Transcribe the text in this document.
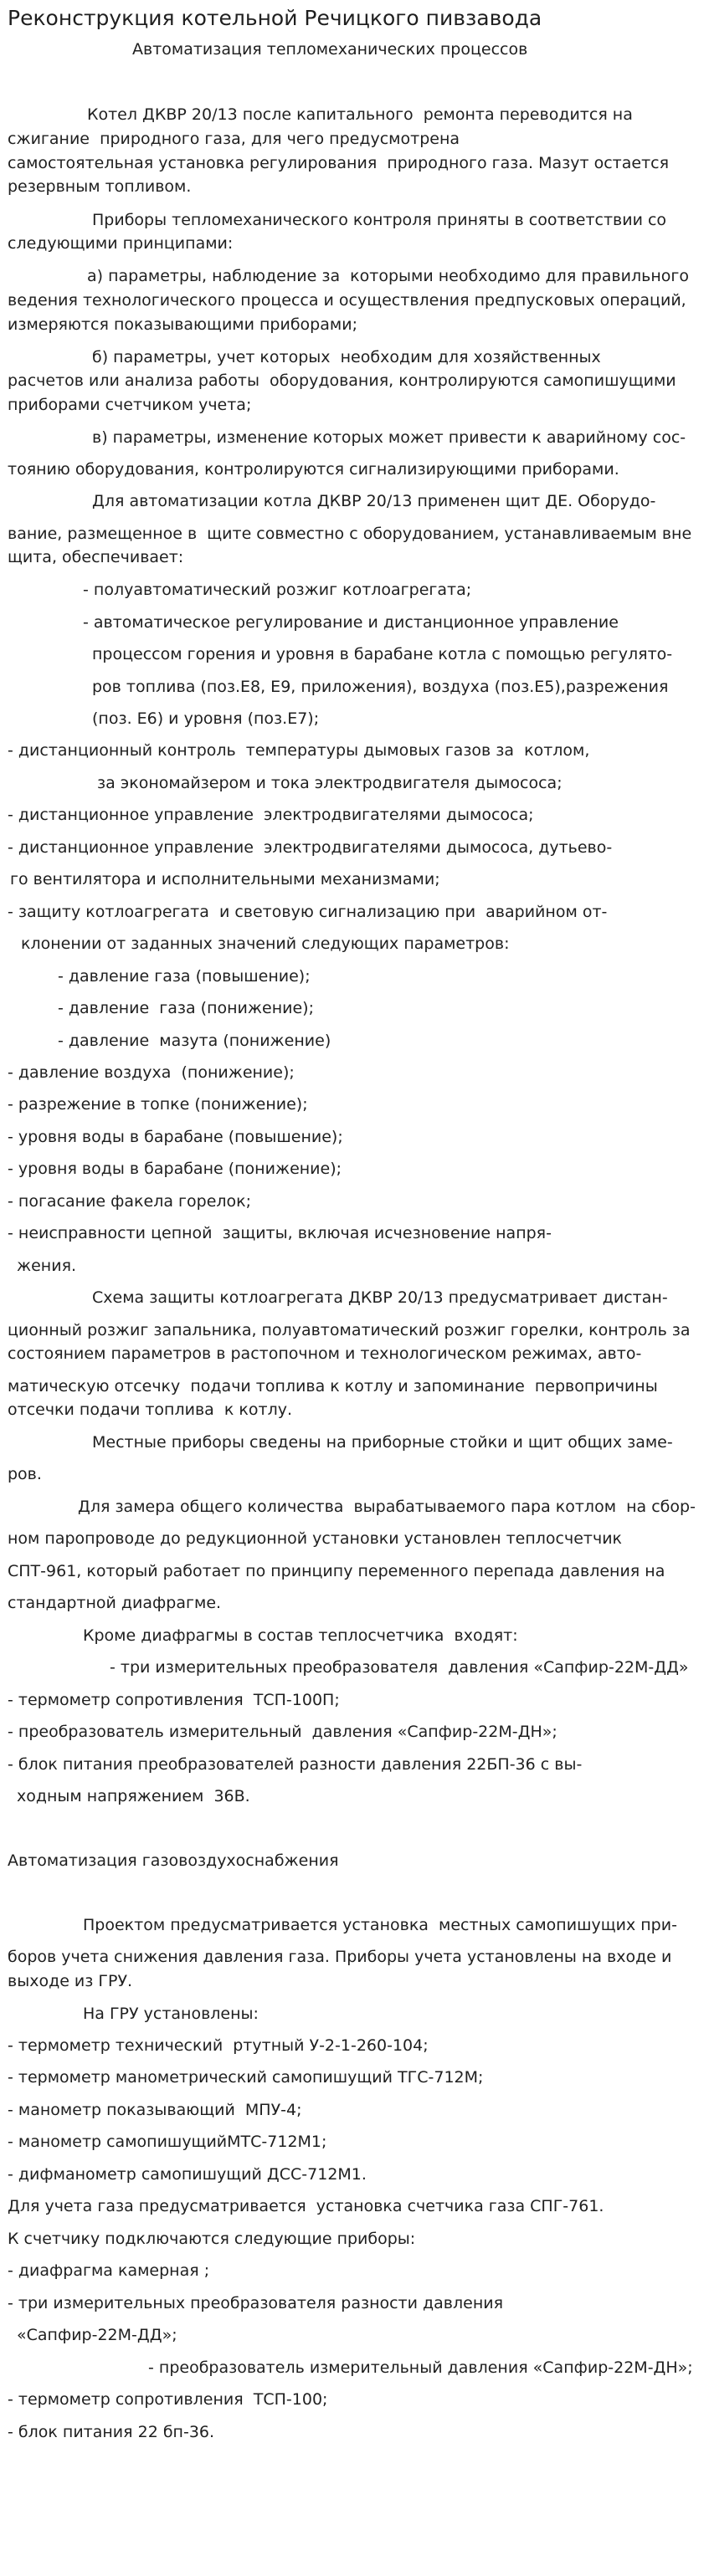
Реконструкция котельной Речицкого пивзавода
Автоматизация тепломеханических процессов
Котел ДКВР 20/13 после капитального  ремонта переводится на
сжигание  природного газа, для чего предусмотрена
самостоятельная установка регулирования  природного газа. Мазут остается
резервным топливом.
Приборы тепломеханического контроля приняты в соответствии со
следующими принципами:
а) параметры, наблюдение за  которыми необходимо для правильного
ведения технологического процесса и осуществления предпусковых операций,
измеряются показывающими приборами;
б) параметры, учет которых  необходим для хозяйственных
расчетов или анализа работы  оборудования, контролируются самопишущими
приборами счетчиком учета;
в) параметры, изменение которых может привести к аварийному сос-
тоянию оборудования, контролируются сигнализирующими приборами.
Для автоматизации котла ДКВР 20/13 применен щит ДЕ. Оборудо-
вание, размещенное в  щите совместно с оборудованием, устанавливаемым вне
щита, обеспечивает:
- полуавтоматический розжиг котлоагрегата;
- автоматическое регулирование и дистанционное управление
процессом горения и уровня в барабане котла с помощью регулято-
ров топлива (поз.Е8, Е9, приложения), воздуха (поз.Е5),разрежения
(поз. Е6) и уровня (поз.Е7);
- дистанционный контроль  температуры дымовых газов за  котлом,
за экономайзером и тока электродвигателя дымососа;
- дистанционное управление  электродвигателями дымососа;
- дистанционное управление  электродвигателями дымососа, дутьево-
го вентилятора и исполнительными механизмами;
- защиту котлоагрегата  и световую сигнализацию при  аварийном от-
клонении от заданных значений следующих параметров:
- давление газа (повышение);
- давление  газа (понижение);
- давление  мазута (понижение)
- давление воздуха  (понижение);
- разрежение в топке (понижение);
- уровня воды в барабане (повышение);
- уровня воды в барабане (понижение);
- погасание факела горелок;
- неисправности цепной  защиты, включая исчезновение напря-
жения.
Схема защиты котлоагрегата ДКВР 20/13 предусматривает дистан-
ционный розжиг запальника, полуавтоматический розжиг горелки, контроль за
состоянием параметров в растопочном и технологическом режимах, авто-
матическую отсечку  подачи топлива к котлу и запоминание  первопричины
отсечки подачи топлива  к котлу.
Местные приборы сведены на приборные стойки и щит общих заме-
ров.
Для замера общего количества  вырабатываемого пара котлом  на сбор-
ном паропроводе до редукционной установки установлен теплосчетчик
СПТ-961, который работает по принципу переменного перепада давления на
стандартной диафрагме.
Кроме диафрагмы в состав теплосчетчика  входят:
- три измерительных преобразователя  давления «Сапфир-22М-ДД»
- термометр сопротивления  ТСП-100П;
- преобразователь измерительный  давления «Сапфир-22М-ДН»;
- блок питания преобразователей разности давления 22БП-36 с вы-
ходным напряжением  36В.
Автоматизация газовоздухоснабжения
Проектом предусматривается установка  местных самопишущих при-
боров учета снижения давления газа. Приборы учета установлены на входе и
выходе из ГРУ.
На ГРУ установлены:
- термометр технический  ртутный У-2-1-260-104;
- термометр манометрический самопишущий ТГС-712М;
- манометр показывающий  МПУ-4;
- манометр самопишущийМТС-712М1;
- дифманометр самопишущий ДСС-712М1.
Для учета газа предусматривается  установка счетчика газа СПГ-761.
К счетчику подключаются следующие приборы:
- диафрагма камерная ;
- три измерительных преобразователя разности давления
«Сапфир-22М-ДД»;
- преобразователь измерительный давления «Сапфир-22М-ДН»;
- термометр сопротивления  ТСП-100;
- блок питания 22 бп-36.
